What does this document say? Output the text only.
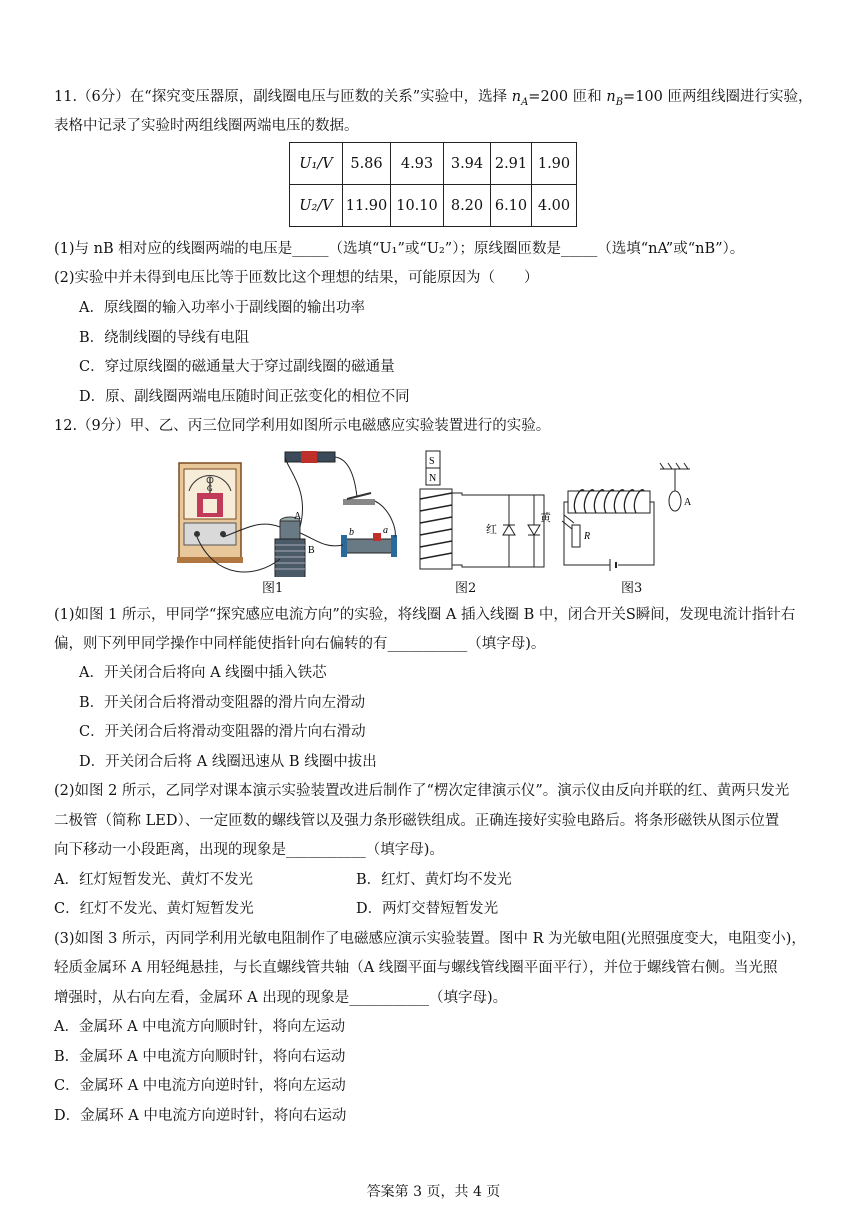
11.（6分）在“探究变压器原，副线圈电压与匝数的关系”实验中，选择 $n_A=200$ 匝和 $n_B=100$ 匝两组线圈进行实验，
表格中记录了实验时两组线圈两端电压的数据。
U₁/V	5.86	4.93	3.94	2.91	1.90
U₂/V	11.90	10.10	8.20	6.10	4.00
(1)与 nB 相对应的线圈两端的电压是_____（选填“U₁”或“U₂”）；原线圈匝数是_____（选填“nA”或“nB”）。
(2)实验中并未得到电压比等于匝数比这个理想的结果，可能原因为（　　）
A．原线圈的输入功率小于副线圈的输出功率
B．绕制线圈的导线有电阻
C．穿过原线圈的磁通量大于穿过副线圈的磁通量
D．原、副线圈两端电压随时间正弦变化的相位不同
12.（9分）甲、乙、丙三位同学利用如图所示电磁感应实验装置进行的实验。
A
B
b	a
G
图1
S
N
红
黄
图2
R
A
图3
(1)如图 1 所示，甲同学“探究感应电流方向”的实验，将线圈 A 插入线圈 B 中，闭合开关S瞬间，发现电流计指针右
偏，则下列甲同学操作中同样能使指针向右偏转的有___________（填字母)。
A．开关闭合后将向 A 线圈中插入铁芯
B．开关闭合后将滑动变阻器的滑片向左滑动
C．开关闭合后将滑动变阻器的滑片向右滑动
D．开关闭合后将 A 线圈迅速从 B 线圈中拔出
(2)如图 2 所示，乙同学对课本演示实验装置改进后制作了“楞次定律演示仪”。演示仪由反向并联的红、黄两只发光
二极管（简称 LED）、一定匝数的螺线管以及强力条形磁铁组成。正确连接好实验电路后。将条形磁铁从图示位置
向下移动一小段距离，出现的现象是___________（填字母)。
A．红灯短暂发光、黄灯不发光	B．红灯、黄灯均不发光
C．红灯不发光、黄灯短暂发光	D．两灯交替短暂发光
(3)如图 3 所示，丙同学利用光敏电阻制作了电磁感应演示实验装置。图中 R 为光敏电阻(光照强度变大，电阻变小)，
轻质金属环 A 用轻绳悬挂，与长直螺线管共轴（A 线圈平面与螺线管线圈平面平行），并位于螺线管右侧。当光照
增强时，从右向左看，金属环 A 出现的现象是___________（填字母)。
A．金属环 A 中电流方向顺时针，将向左运动
B．金属环 A 中电流方向顺时针，将向右运动
C．金属环 A 中电流方向逆时针，将向左运动
D．金属环 A 中电流方向逆时针，将向右运动
答案第 3 页，共 4 页
